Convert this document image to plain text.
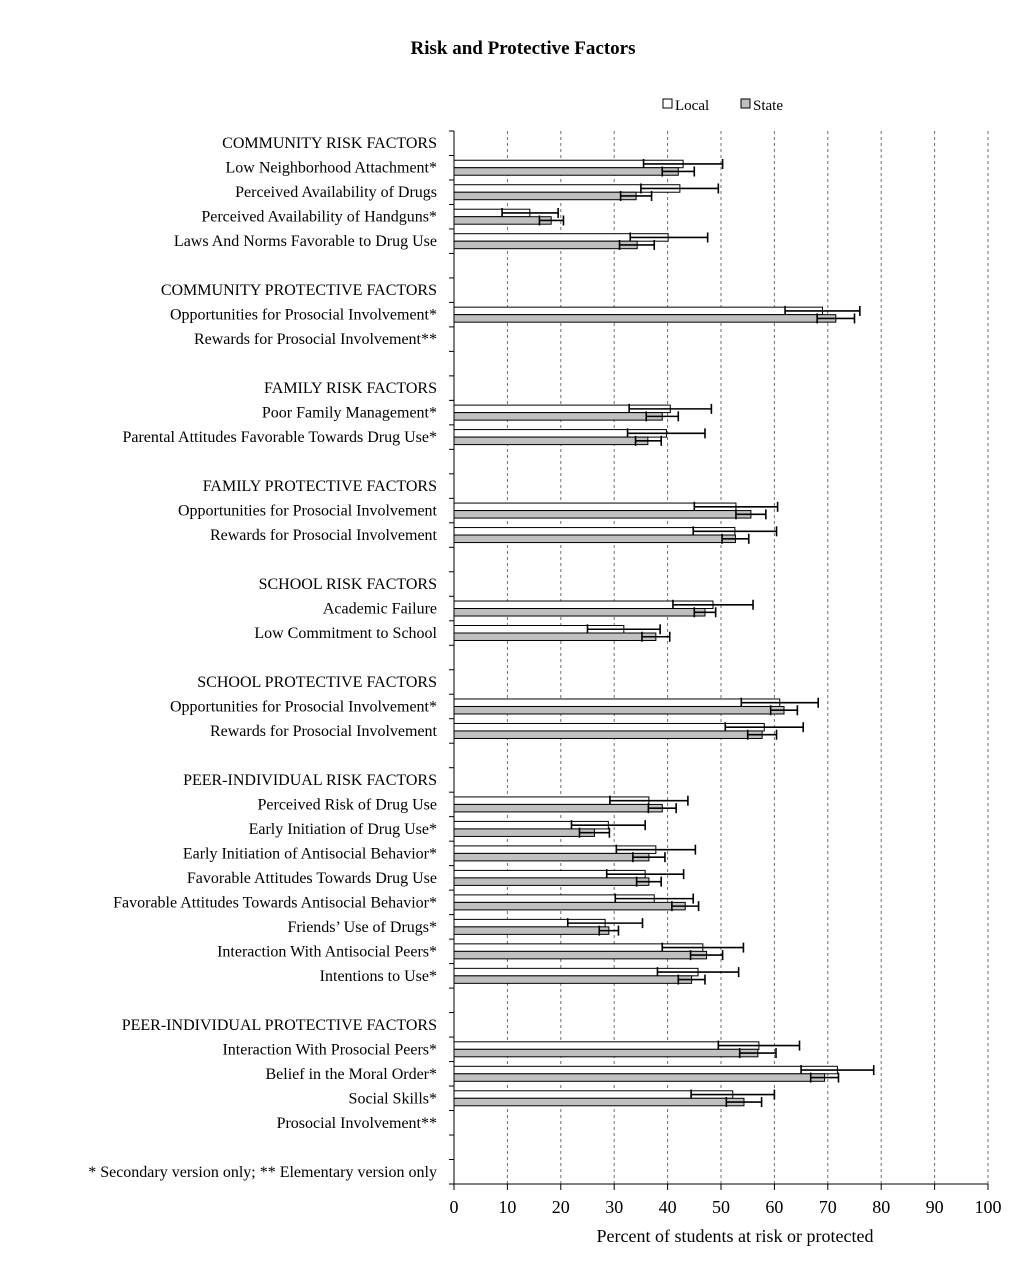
Risk and Protective Factors
Local	State
COMMUNITY RISK FACTORS
Low Neighborhood Attachment*
Perceived Availability of Drugs
Perceived Availability of Handguns*
Laws And Norms Favorable to Drug Use
COMMUNITY PROTECTIVE FACTORS
Opportunities for Prosocial Involvement*
Rewards for Prosocial Involvement**
FAMILY RISK FACTORS
Poor Family Management*
Parental Attitudes Favorable Towards Drug Use*
FAMILY PROTECTIVE FACTORS
Opportunities for Prosocial Involvement
Rewards for Prosocial Involvement
SCHOOL RISK FACTORS
Academic Failure
Low Commitment to School
SCHOOL PROTECTIVE FACTORS
Opportunities for Prosocial Involvement*
Rewards for Prosocial Involvement
PEER-INDIVIDUAL RISK FACTORS
Perceived Risk of Drug Use
Early Initiation of Drug Use*
Early Initiation of Antisocial Behavior*
Favorable Attitudes Towards Drug Use
Favorable Attitudes Towards Antisocial Behavior*
Friends’ Use of Drugs*
Interaction With Antisocial Peers*
Intentions to Use*
PEER-INDIVIDUAL PROTECTIVE FACTORS
Interaction With Prosocial Peers*
Belief in the Moral Order*
Social Skills*
Prosocial Involvement**
* Secondary version only; ** Elementary version only
0 10 20 30 40 50 60 70 80 90 100
Percent of students at risk or protected
